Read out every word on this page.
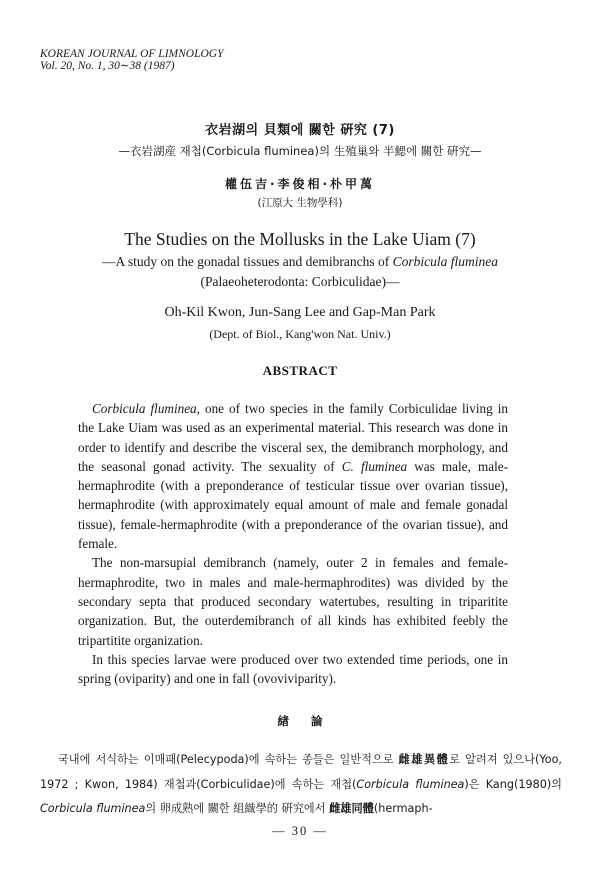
KOREAN JOURNAL OF LIMNOLOGY
Vol. 20, No. 1, 30∼38 (1987)
衣岩湖의 貝類에 關한 硏究 (7)
—衣岩湖産 재첩(Corbicula fluminea)의 生殖巢와 半鰓에 關한 硏究—
權伍吉·李俊相·朴甲萬
(江原大 生物學科)
The Studies on the Mollusks in the Lake Uiam (7)
—A study on the gonadal tissues and demibranchs of Corbicula fluminea
(Palaeoheterodonta: Corbiculidae)—
Oh-Kil Kwon, Jun-Sang Lee and Gap-Man Park
(Dept. of Biol., Kang'won Nat. Univ.)
ABSTRACT

Corbicula fluminea, one of two species in the family Corbiculidae living in the Lake Uiam was used as an experimental material. This research was done in order to identify and describe the visceral sex, the demibranch morphology, and the seasonal gonad activity. The sexuality of C. fluminea was male, male-hermaphrodite (with a preponderance of testicular tissue over ovarian tissue), hermaphrodite (with approximately equal amount of male and female gonadal tissue), female-hermaphrodite (with a preponderance of the ovarian tissue), and female.

The non-marsupial demibranch (namely, outer 2 in females and female-hermaphrodite, two in males and male-hermaphrodites) was divided by the secondary septa that produced secondary watertubes, resulting in triparitite organization. But, the outerdemibranch of all kinds has exhibited feebly the tripartitite organization.

In this species larvae were produced over two extended time periods, one in spring (oviparity) and one in fall (ovoviviparity).

緖 論

국내에 서식하는 이매패(Pelecypoda)에 속하는 종들은 일반적으로 雌雄異體로 알려져 있으나(Yoo, 1972 ; Kwon, 1984) 재첩과(Corbiculidae)에 속하는 재첩(Corbicula fluminea)은 Kang(1980)의 Corbicula fluminea의 卵成熟에 關한 組織學的 硏究에서 雌雄同體(hermaph-

— 30 —
